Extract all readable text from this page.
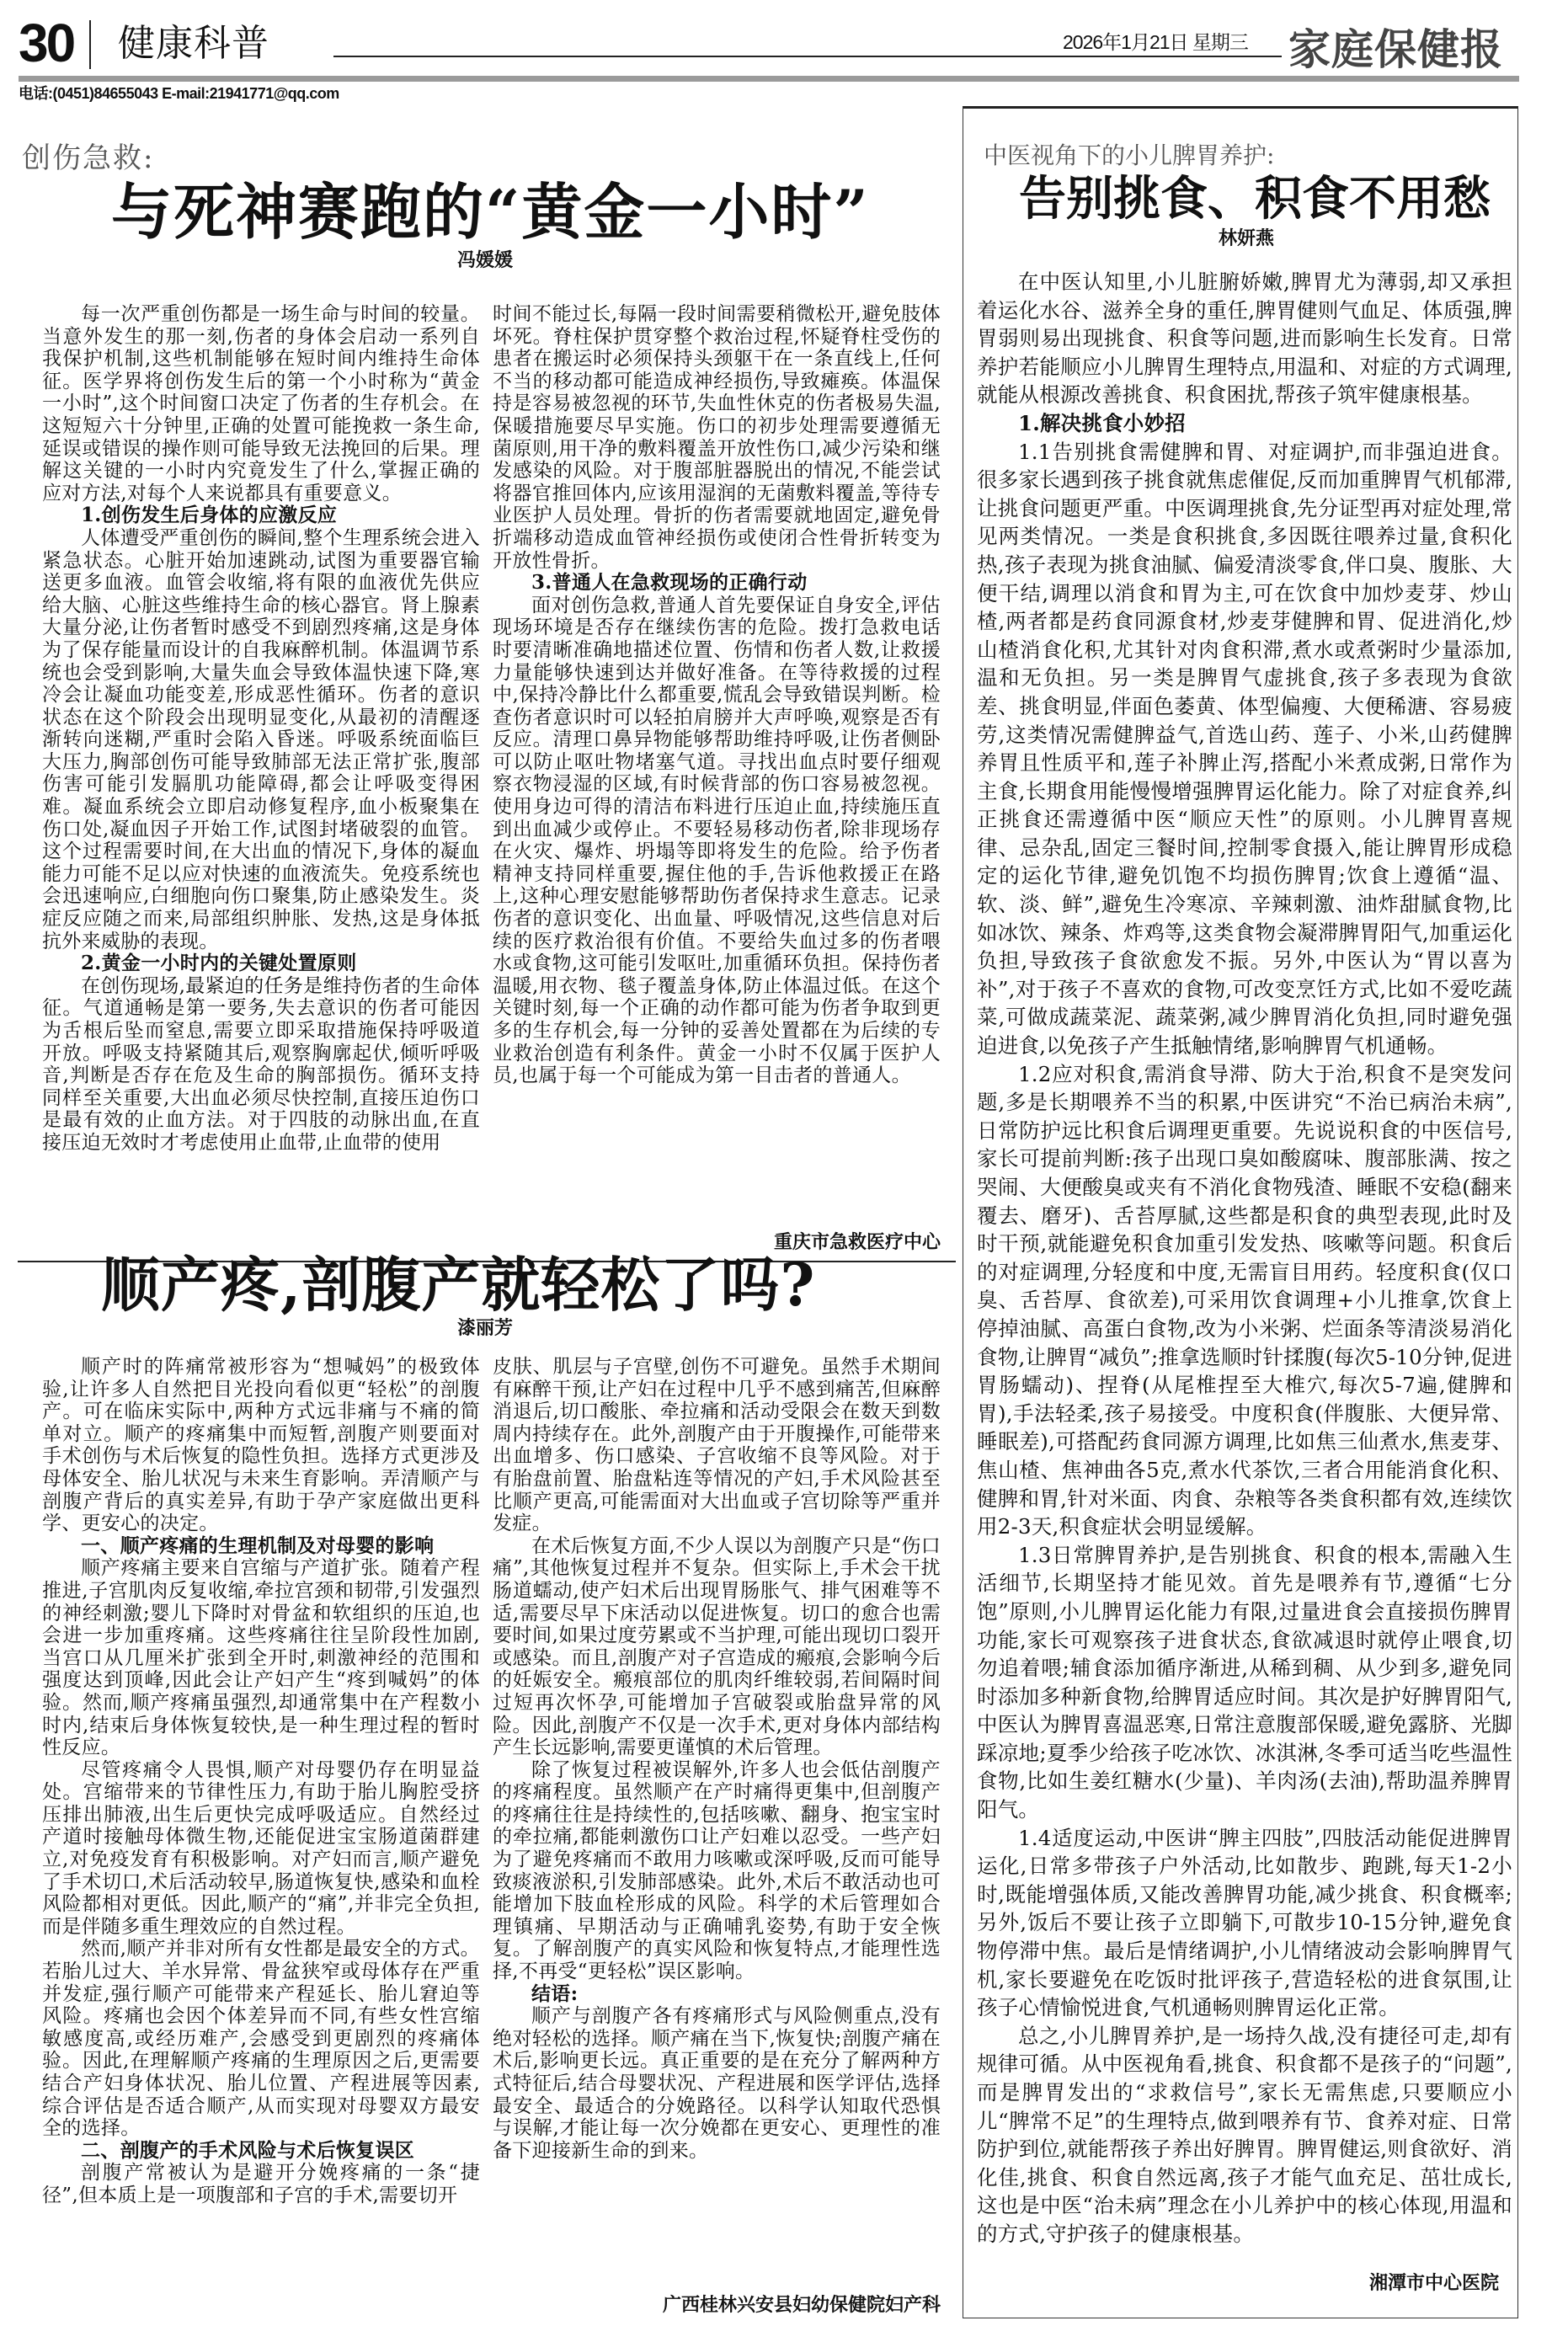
30 健康科普	2026年1月21日 星期三 家庭保健报
电话:(0451)84655043 E-mail:21941771@qq.com
创伤急救:
与死神赛跑的“黄金一小时”
冯媛媛

每一次严重创伤都是一场生命与时间的较量。当意外发生的那一刻,伤者的身体会启动一系列自我保护机制,这些机制能够在短时间内维持生命体征。医学界将创伤发生后的第一个小时称为“黄金一小时”,这个时间窗口决定了伤者的生存机会。在这短短六十分钟里,正确的处置可能挽救一条生命,延误或错误的操作则可能导致无法挽回的后果。理解这关键的一小时内究竟发生了什么,掌握正确的应对方法,对每个人来说都具有重要意义。

1.创伤发生后身体的应激反应

人体遭受严重创伤的瞬间,整个生理系统会进入紧急状态。心脏开始加速跳动,试图为重要器官输送更多血液。血管会收缩,将有限的血液优先供应给大脑、心脏这些维持生命的核心器官。肾上腺素大量分泌,让伤者暂时感受不到剧烈疼痛,这是身体为了保存能量而设计的自我麻醉机制。体温调节系统也会受到影响,大量失血会导致体温快速下降,寒冷会让凝血功能变差,形成恶性循环。伤者的意识状态在这个阶段会出现明显变化,从最初的清醒逐渐转向迷糊,严重时会陷入昏迷。呼吸系统面临巨大压力,胸部创伤可能导致肺部无法正常扩张,腹部伤害可能引发膈肌功能障碍,都会让呼吸变得困难。凝血系统会立即启动修复程序,血小板聚集在伤口处,凝血因子开始工作,试图封堵破裂的血管。这个过程需要时间,在大出血的情况下,身体的凝血能力可能不足以应对快速的血液流失。免疫系统也会迅速响应,白细胞向伤口聚集,防止感染发生。炎症反应随之而来,局部组织肿胀、发热,这是身体抵抗外来威胁的表现。

2.黄金一小时内的关键处置原则

在创伤现场,最紧迫的任务是维持伤者的生命体征。气道通畅是第一要务,失去意识的伤者可能因为舌根后坠而窒息,需要立即采取措施保持呼吸道开放。呼吸支持紧随其后,观察胸廓起伏,倾听呼吸音,判断是否存在危及生命的胸部损伤。循环支持同样至关重要,大出血必须尽快控制,直接压迫伤口是最有效的止血方法。对于四肢的动脉出血,在直接压迫无效时才考虑使用止血带,止血带的使用

时间不能过长,每隔一段时间需要稍微松开,避免肢体坏死。脊柱保护贯穿整个救治过程,怀疑脊柱受伤的患者在搬运时必须保持头颈躯干在一条直线上,任何不当的移动都可能造成神经损伤,导致瘫痪。体温保持是容易被忽视的环节,失血性休克的伤者极易失温,保暖措施要尽早实施。伤口的初步处理需要遵循无菌原则,用干净的敷料覆盖开放性伤口,减少污染和继发感染的风险。对于腹部脏器脱出的情况,不能尝试将器官推回体内,应该用湿润的无菌敷料覆盖,等待专业医护人员处理。骨折的伤者需要就地固定,避免骨折端移动造成血管神经损伤或使闭合性骨折转变为开放性骨折。

3.普通人在急救现场的正确行动

面对创伤急救,普通人首先要保证自身安全,评估现场环境是否存在继续伤害的危险。拨打急救电话时要清晰准确地描述位置、伤情和伤者人数,让救援力量能够快速到达并做好准备。在等待救援的过程中,保持冷静比什么都重要,慌乱会导致错误判断。检查伤者意识时可以轻拍肩膀并大声呼唤,观察是否有反应。清理口鼻异物能够帮助维持呼吸,让伤者侧卧可以防止呕吐物堵塞气道。寻找出血点时要仔细观察衣物浸湿的区域,有时候背部的伤口容易被忽视。使用身边可得的清洁布料进行压迫止血,持续施压直到出血减少或停止。不要轻易移动伤者,除非现场存在火灾、爆炸、坍塌等即将发生的危险。给予伤者精神支持同样重要,握住他的手,告诉他救援正在路上,这种心理安慰能够帮助伤者保持求生意志。记录伤者的意识变化、出血量、呼吸情况,这些信息对后续的医疗救治很有价值。不要给失血过多的伤者喂水或食物,这可能引发呕吐,加重循环负担。保持伤者温暖,用衣物、毯子覆盖身体,防止体温过低。在这个关键时刻,每一个正确的动作都可能为伤者争取到更多的生存机会,每一分钟的妥善处置都在为后续的专业救治创造有利条件。黄金一小时不仅属于医护人员,也属于每一个可能成为第一目击者的普通人。

重庆市急救医疗中心
顺产疼,剖腹产就轻松了吗?
漆丽芳

顺产时的阵痛常被形容为“想喊妈”的极致体验,让许多人自然把目光投向看似更“轻松”的剖腹产。可在临床实际中,两种方式远非痛与不痛的简单对立。顺产的疼痛集中而短暂,剖腹产则要面对手术创伤与术后恢复的隐性负担。选择方式更涉及母体安全、胎儿状况与未来生育影响。弄清顺产与剖腹产背后的真实差异,有助于孕产家庭做出更科学、更安心的决定。

一、顺产疼痛的生理机制及对母婴的影响

顺产疼痛主要来自宫缩与产道扩张。随着产程推进,子宫肌肉反复收缩,牵拉宫颈和韧带,引发强烈的神经刺激;婴儿下降时对骨盆和软组织的压迫,也会进一步加重疼痛。这些疼痛往往呈阶段性加剧,当宫口从几厘米扩张到全开时,刺激神经的范围和强度达到顶峰,因此会让产妇产生“疼到喊妈”的体验。然而,顺产疼痛虽强烈,却通常集中在产程数小时内,结束后身体恢复较快,是一种生理过程的暂时性反应。

尽管疼痛令人畏惧,顺产对母婴仍存在明显益处。宫缩带来的节律性压力,有助于胎儿胸腔受挤压排出肺液,出生后更快完成呼吸适应。自然经过产道时接触母体微生物,还能促进宝宝肠道菌群建立,对免疫发育有积极影响。对产妇而言,顺产避免了手术切口,术后活动较早,肠道恢复快,感染和血栓风险都相对更低。因此,顺产的“痛”,并非完全负担,而是伴随多重生理效应的自然过程。

然而,顺产并非对所有女性都是最安全的方式。若胎儿过大、羊水异常、骨盆狭窄或母体存在严重并发症,强行顺产可能带来产程延长、胎儿窘迫等风险。疼痛也会因个体差异而不同,有些女性宫缩敏感度高,或经历难产,会感受到更剧烈的疼痛体验。因此,在理解顺产疼痛的生理原因之后,更需要结合产妇身体状况、胎儿位置、产程进展等因素,综合评估是否适合顺产,从而实现对母婴双方最安全的选择。

二、剖腹产的手术风险与术后恢复误区

剖腹产常被认为是避开分娩疼痛的一条“捷径”,但本质上是一项腹部和子宫的手术,需要切开

皮肤、肌层与子宫壁,创伤不可避免。虽然手术期间有麻醉干预,让产妇在过程中几乎不感到痛苦,但麻醉消退后,切口酸胀、牵拉痛和活动受限会在数天到数周内持续存在。此外,剖腹产由于开腹操作,可能带来出血增多、伤口感染、子宫收缩不良等风险。对于有胎盘前置、胎盘粘连等情况的产妇,手术风险甚至比顺产更高,可能需面对大出血或子宫切除等严重并发症。

在术后恢复方面,不少人误以为剖腹产只是“伤口痛”,其他恢复过程并不复杂。但实际上,手术会干扰肠道蠕动,使产妇术后出现胃肠胀气、排气困难等不适,需要尽早下床活动以促进恢复。切口的愈合也需要时间,如果过度劳累或不当护理,可能出现切口裂开或感染。而且,剖腹产对子宫造成的瘢痕,会影响今后的妊娠安全。瘢痕部位的肌肉纤维较弱,若间隔时间过短再次怀孕,可能增加子宫破裂或胎盘异常的风险。因此,剖腹产不仅是一次手术,更对身体内部结构产生长远影响,需要更谨慎的术后管理。

除了恢复过程被误解外,许多人也会低估剖腹产的疼痛程度。虽然顺产在产时痛得更集中,但剖腹产的疼痛往往是持续性的,包括咳嗽、翻身、抱宝宝时的牵拉痛,都能刺激伤口让产妇难以忍受。一些产妇为了避免疼痛而不敢用力咳嗽或深呼吸,反而可能导致痰液淤积,引发肺部感染。此外,术后不敢活动也可能增加下肢血栓形成的风险。科学的术后管理如合理镇痛、早期活动与正确哺乳姿势,有助于安全恢复。了解剖腹产的真实风险和恢复特点,才能理性选择,不再受“更轻松”误区影响。

结语:

顺产与剖腹产各有疼痛形式与风险侧重点,没有绝对轻松的选择。顺产痛在当下,恢复快;剖腹产痛在术后,影响更长远。真正重要的是在充分了解两种方式特征后,结合母婴状况、产程进展和医学评估,选择最安全、最适合的分娩路径。以科学认知取代恐惧与误解,才能让每一次分娩都在更安心、更理性的准备下迎接新生命的到来。

广西桂林兴安县妇幼保健院妇产科
中医视角下的小儿脾胃养护:
告别挑食、积食不用愁
林妍燕

在中医认知里,小儿脏腑娇嫩,脾胃尤为薄弱,却又承担着运化水谷、滋养全身的重任,脾胃健则气血足、体质强,脾胃弱则易出现挑食、积食等问题,进而影响生长发育。日常养护若能顺应小儿脾胃生理特点,用温和、对症的方式调理,就能从根源改善挑食、积食困扰,帮孩子筑牢健康根基。

1.解决挑食小妙招

1.1告别挑食需健脾和胃、对症调护,而非强迫进食。很多家长遇到孩子挑食就焦虑催促,反而加重脾胃气机郁滞,让挑食问题更严重。中医调理挑食,先分证型再对症处理,常见两类情况。一类是食积挑食,多因既往喂养过量,食积化热,孩子表现为挑食油腻、偏爱清淡零食,伴口臭、腹胀、大便干结,调理以消食和胃为主,可在饮食中加炒麦芽、炒山楂,两者都是药食同源食材,炒麦芽健脾和胃、促进消化,炒山楂消食化积,尤其针对肉食积滞,煮水或煮粥时少量添加,温和无负担。另一类是脾胃气虚挑食,孩子多表现为食欲差、挑食明显,伴面色萎黄、体型偏瘦、大便稀溏、容易疲劳,这类情况需健脾益气,首选山药、莲子、小米,山药健脾养胃且性质平和,莲子补脾止泻,搭配小米煮成粥,日常作为主食,长期食用能慢慢增强脾胃运化能力。除了对症食养,纠正挑食还需遵循中医“顺应天性”的原则。小儿脾胃喜规律、忌杂乱,固定三餐时间,控制零食摄入,能让脾胃形成稳定的运化节律,避免饥饱不均损伤脾胃;饮食上遵循“温、软、淡、鲜”,避免生冷寒凉、辛辣刺激、油炸甜腻食物,比如冰饮、辣条、炸鸡等,这类食物会凝滞脾胃阳气,加重运化负担,导致孩子食欲愈发不振。另外,中医认为“胃以喜为补”,对于孩子不喜欢的食物,可改变烹饪方式,比如不爱吃蔬菜,可做成蔬菜泥、蔬菜粥,减少脾胃消化负担,同时避免强迫进食,以免孩子产生抵触情绪,影响脾胃气机通畅。

1.2应对积食,需消食导滞、防大于治,积食不是突发问题,多是长期喂养不当的积累,中医讲究“不治已病治未病”,日常防护远比积食后调理更重要。先说说积食的中医信号,家长可提前判断:孩子出现口臭如酸腐味、腹部胀满、按之哭闹、大便酸臭或夹有不消化食物残渣、睡眠不安稳(翻来覆去、磨牙)、舌苔厚腻,这些都是积食的典型表现,此时及时干预,就能避免积食加重引发发热、咳嗽等问题。积食后的对症调理,分轻度和中度,无需盲目用药。轻度积食(仅口臭、舌苔厚、食欲差),可采用饮食调理+小儿推拿,饮食上停掉油腻、高蛋白食物,改为小米粥、烂面条等清淡易消化食物,让脾胃“减负”;推拿选顺时针揉腹(每次5-10分钟,促进胃肠蠕动)、捏脊(从尾椎捏至大椎穴,每次5-7遍,健脾和胃),手法轻柔,孩子易接受。中度积食(伴腹胀、大便异常、睡眠差),可搭配药食同源方调理,比如焦三仙煮水,焦麦芽、焦山楂、焦神曲各5克,煮水代茶饮,三者合用能消食化积、健脾和胃,针对米面、肉食、杂粮等各类食积都有效,连续饮用2-3天,积食症状会明显缓解。

1.3日常脾胃养护,是告别挑食、积食的根本,需融入生活细节,长期坚持才能见效。首先是喂养有节,遵循“七分饱”原则,小儿脾胃运化能力有限,过量进食会直接损伤脾胃功能,家长可观察孩子进食状态,食欲减退时就停止喂食,切勿追着喂;辅食添加循序渐进,从稀到稠、从少到多,避免同时添加多种新食物,给脾胃适应时间。其次是护好脾胃阳气,中医认为脾胃喜温恶寒,日常注意腹部保暖,避免露脐、光脚踩凉地;夏季少给孩子吃冰饮、冰淇淋,冬季可适当吃些温性食物,比如生姜红糖水(少量)、羊肉汤(去油),帮助温养脾胃阳气。

1.4适度运动,中医讲“脾主四肢”,四肢活动能促进脾胃运化,日常多带孩子户外活动,比如散步、跑跳,每天1-2小时,既能增强体质,又能改善脾胃功能,减少挑食、积食概率;另外,饭后不要让孩子立即躺下,可散步10-15分钟,避免食物停滞中焦。最后是情绪调护,小儿情绪波动会影响脾胃气机,家长要避免在吃饭时批评孩子,营造轻松的进食氛围,让孩子心情愉悦进食,气机通畅则脾胃运化正常。

总之,小儿脾胃养护,是一场持久战,没有捷径可走,却有规律可循。从中医视角看,挑食、积食都不是孩子的“问题”,而是脾胃发出的“求救信号”,家长无需焦虑,只要顺应小儿“脾常不足”的生理特点,做到喂养有节、食养对症、日常防护到位,就能帮孩子养出好脾胃。脾胃健运,则食欲好、消化佳,挑食、积食自然远离,孩子才能气血充足、茁壮成长,这也是中医“治未病”理念在小儿养护中的核心体现,用温和的方式,守护孩子的健康根基。

湘潭市中心医院
